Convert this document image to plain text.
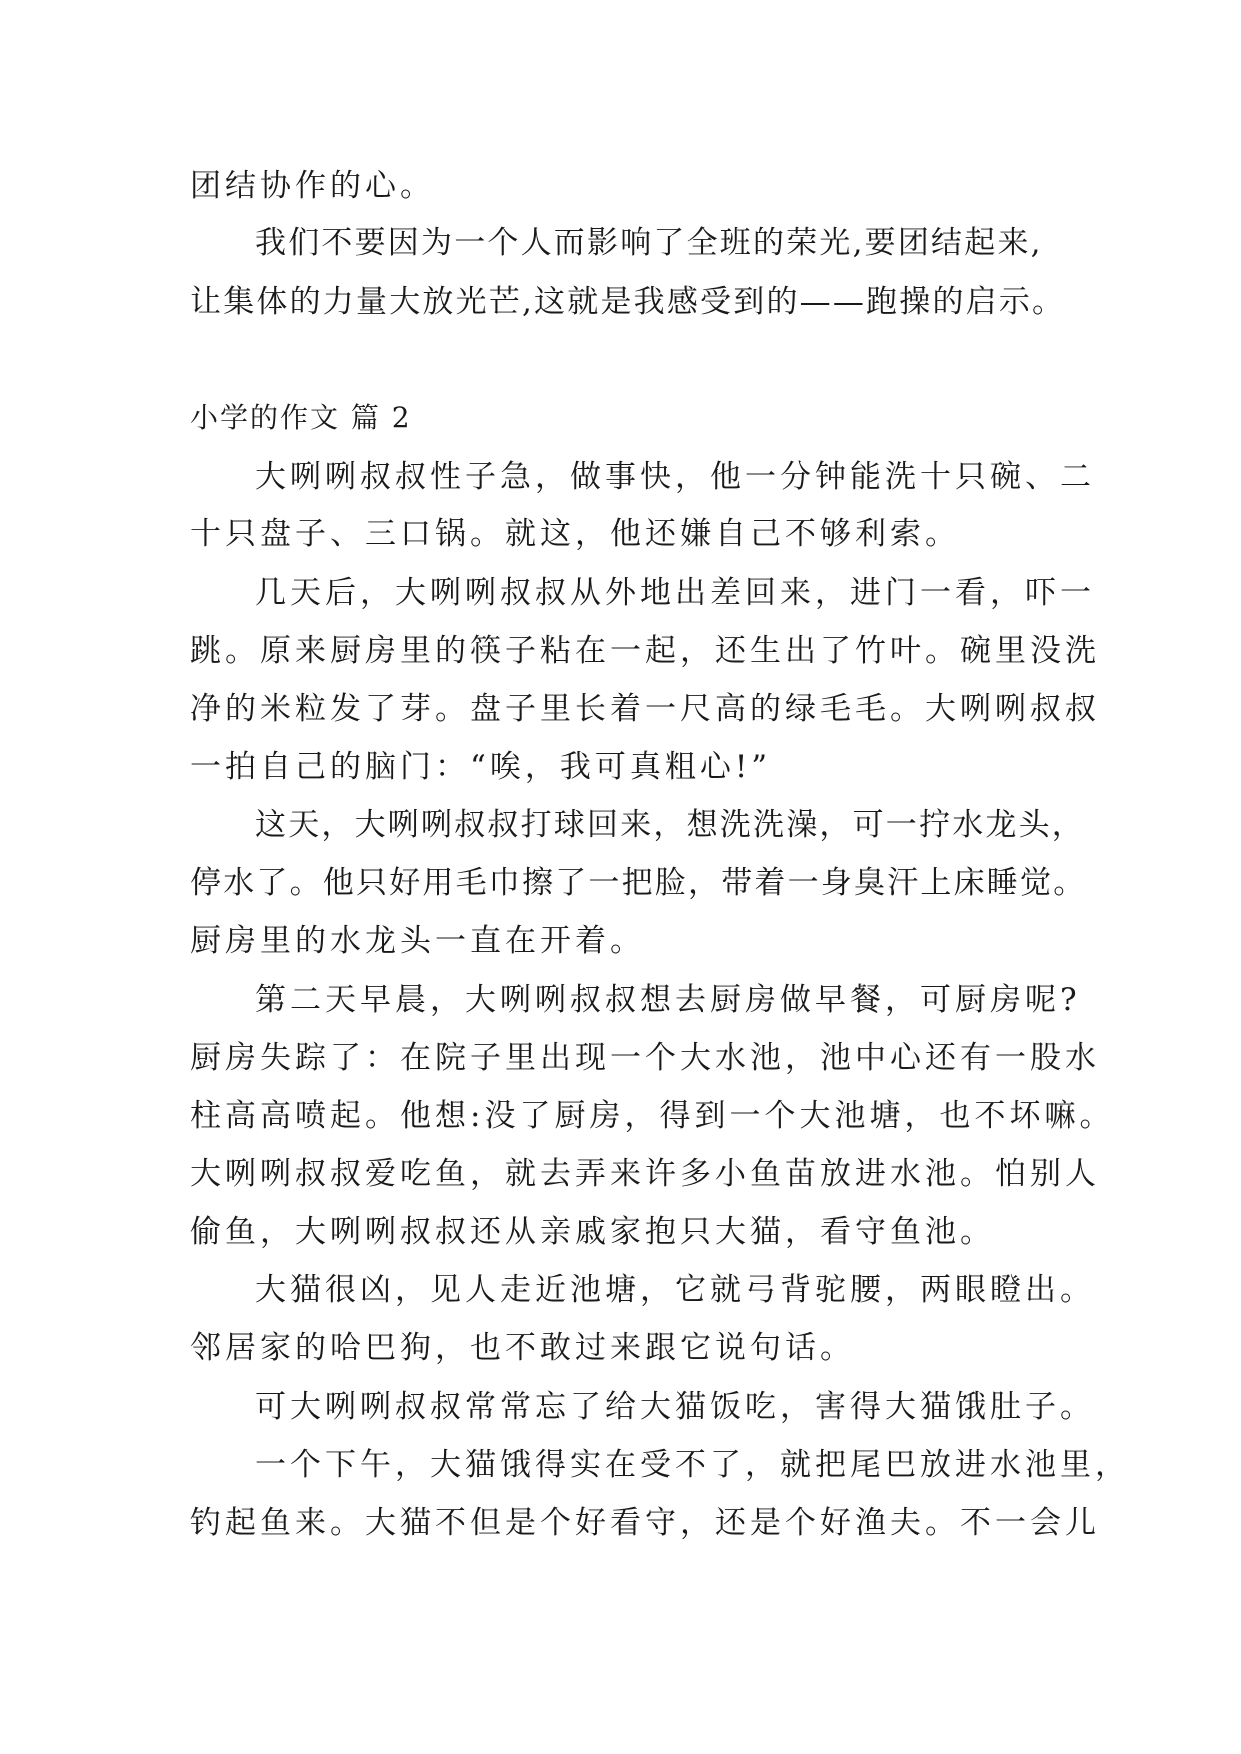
团结协作的心。
我们不要因为一个人而影响了全班的荣光,要团结起来,
让集体的力量大放光芒,这就是我感受到的——跑操的启示。
小学的作文 篇 2
大咧咧叔叔性子急，做事快，他一分钟能洗十只碗、二
十只盘子、三口锅。就这，他还嫌自己不够利索。
几天后，大咧咧叔叔从外地出差回来，进门一看，吓一
跳。原来厨房里的筷子粘在一起，还生出了竹叶。碗里没洗
净的米粒发了芽。盘子里长着一尺高的绿毛毛。大咧咧叔叔
一拍自己的脑门：“唉，我可真粗心!”
这天，大咧咧叔叔打球回来，想洗洗澡，可一拧水龙头，
停水了。他只好用毛巾擦了一把脸，带着一身臭汗上床睡觉。
厨房里的水龙头一直在开着。
第二天早晨，大咧咧叔叔想去厨房做早餐，可厨房呢?
厨房失踪了：在院子里出现一个大水池，池中心还有一股水
柱高高喷起。他想:没了厨房，得到一个大池塘，也不坏嘛。
大咧咧叔叔爱吃鱼，就去弄来许多小鱼苗放进水池。怕别人
偷鱼，大咧咧叔叔还从亲戚家抱只大猫，看守鱼池。
大猫很凶，见人走近池塘，它就弓背驼腰，两眼瞪出。
邻居家的哈巴狗，也不敢过来跟它说句话。
可大咧咧叔叔常常忘了给大猫饭吃，害得大猫饿肚子。
一个下午，大猫饿得实在受不了，就把尾巴放进水池里，
钓起鱼来。大猫不但是个好看守，还是个好渔夫。不一会儿
